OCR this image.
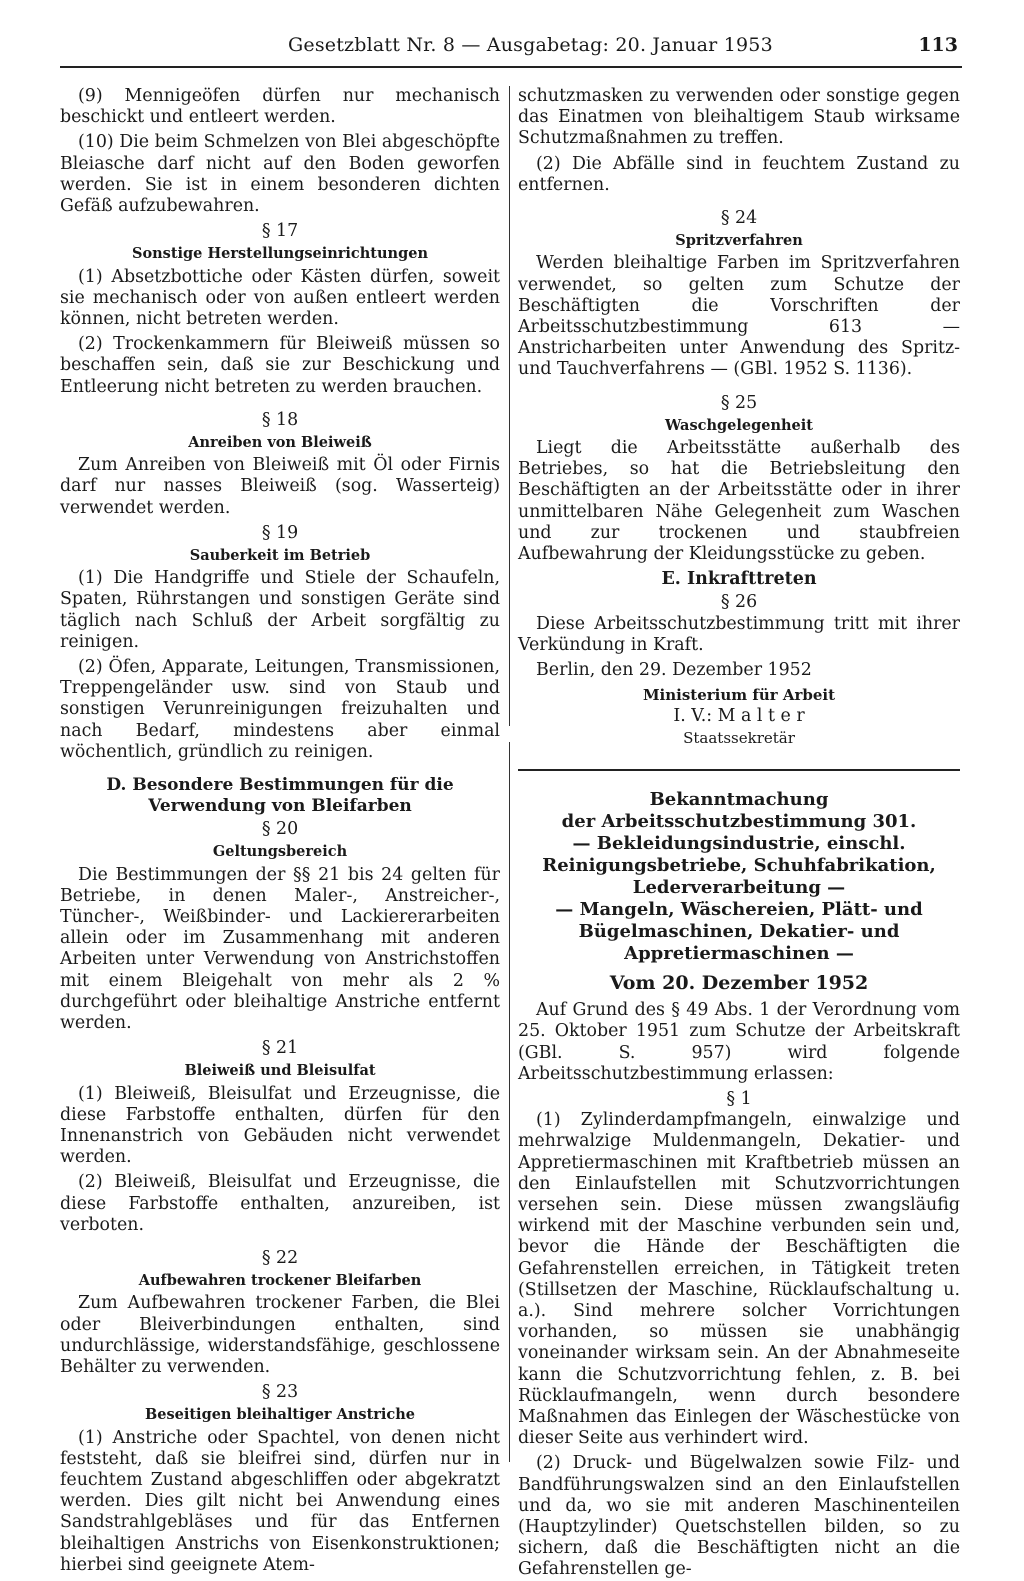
Gesetzblatt Nr. 8 — Ausgabetag: 20. Januar 1953	113

(9) Mennigeöfen dürfen nur mechanisch beschickt und entleert werden.

(10) Die beim Schmelzen von Blei abgeschöpfte Bleiasche darf nicht auf den Boden geworfen werden. Sie ist in einem besonderen dichten Gefäß aufzubewahren.

§ 17
Sonstige Herstellungseinrichtungen

(1) Absetzbottiche oder Kästen dürfen, soweit sie mechanisch oder von außen entleert werden können, nicht betreten werden.

(2) Trockenkammern für Bleiweiß müssen so beschaffen sein, daß sie zur Beschickung und Entleerung nicht betreten zu werden brauchen.

§ 18
Anreiben von Bleiweiß

Zum Anreiben von Bleiweiß mit Öl oder Firnis darf nur nasses Bleiweiß (sog. Wasserteig) verwendet werden.

§ 19
Sauberkeit im Betrieb

(1) Die Handgriffe und Stiele der Schaufeln, Spaten, Rührstangen und sonstigen Geräte sind täglich nach Schluß der Arbeit sorgfältig zu reinigen.

(2) Öfen, Apparate, Leitungen, Transmissionen, Treppengeländer usw. sind von Staub und sonstigen Verunreinigungen freizuhalten und nach Bedarf, mindestens aber einmal wöchentlich, gründlich zu reinigen.

D. Besondere Bestimmungen für die Verwendung von Bleifarben
§ 20
Geltungsbereich

Die Bestimmungen der §§ 21 bis 24 gelten für Betriebe, in denen Maler-, Anstreicher-, Tüncher-, Weißbinder- und Lackiererarbeiten allein oder im Zusammenhang mit anderen Arbeiten unter Verwendung von Anstrichstoffen mit einem Bleigehalt von mehr als 2 % durchgeführt oder bleihaltige Anstriche entfernt werden.

§ 21
Bleiweiß und Bleisulfat

(1) Bleiweiß, Bleisulfat und Erzeugnisse, die diese Farbstoffe enthalten, dürfen für den Innenanstrich von Gebäuden nicht verwendet werden.

(2) Bleiweiß, Bleisulfat und Erzeugnisse, die diese Farbstoffe enthalten, anzureiben, ist verboten.

§ 22
Aufbewahren trockener Bleifarben

Zum Aufbewahren trockener Farben, die Blei oder Bleiverbindungen enthalten, sind undurchlässige, widerstandsfähige, geschlossene Behälter zu verwenden.

§ 23
Beseitigen bleihaltiger Anstriche

(1) Anstriche oder Spachtel, von denen nicht feststeht, daß sie bleifrei sind, dürfen nur in feuchtem Zustand abgeschliffen oder abgekratzt werden. Dies gilt nicht bei Anwendung eines Sandstrahlgebläses und für das Entfernen bleihaltigen Anstrichs von Eisenkonstruktionen; hierbei sind geeignete Atem-

schutzmasken zu verwenden oder sonstige gegen das Einatmen von bleihaltigem Staub wirksame Schutzmaßnahmen zu treffen.

(2) Die Abfälle sind in feuchtem Zustand zu entfernen.

§ 24
Spritzverfahren

Werden bleihaltige Farben im Spritzverfahren verwendet, so gelten zum Schutze der Beschäftigten die Vorschriften der Arbeitsschutzbestimmung 613 — Anstricharbeiten unter Anwendung des Spritz- und Tauchverfahrens — (GBl. 1952 S. 1136).

§ 25
Waschgelegenheit

Liegt die Arbeitsstätte außerhalb des Betriebes, so hat die Betriebsleitung den Beschäftigten an der Arbeitsstätte oder in ihrer unmittelbaren Nähe Gelegenheit zum Waschen und zur trockenen und staubfreien Aufbewahrung der Kleidungsstücke zu geben.

E. Inkrafttreten
§ 26

Diese Arbeitsschutzbestimmung tritt mit ihrer Verkündung in Kraft.

Berlin, den 29. Dezember 1952

Ministerium für Arbeit
I. V.: M a l t e r
Staatssekretär
Bekanntmachung
der Arbeitsschutzbestimmung 301.
— Bekleidungsindustrie, einschl. Reinigungsbetriebe, Schuhfabrikation, Lederverarbeitung —
— Mangeln, Wäschereien, Plätt- und Bügelmaschinen, Dekatier- und Appretiermaschinen —
Vom 20. Dezember 1952

Auf Grund des § 49 Abs. 1 der Verordnung vom 25. Oktober 1951 zum Schutze der Arbeitskraft (GBl. S. 957) wird folgende Arbeitsschutzbestimmung erlassen:

§ 1

(1) Zylinderdampfmangeln, einwalzige und mehrwalzige Muldenmangeln, Dekatier- und Appretiermaschinen mit Kraftbetrieb müssen an den Einlaufstellen mit Schutzvorrichtungen versehen sein. Diese müssen zwangsläufig wirkend mit der Maschine verbunden sein und, bevor die Hände der Beschäftigten die Gefahrenstellen erreichen, in Tätigkeit treten (Stillsetzen der Maschine, Rücklaufschaltung u. a.). Sind mehrere solcher Vorrichtungen vorhanden, so müssen sie unabhängig voneinander wirksam sein. An der Abnahmeseite kann die Schutzvorrichtung fehlen, z. B. bei Rücklaufmangeln, wenn durch besondere Maßnahmen das Einlegen der Wäschestücke von dieser Seite aus verhindert wird.

(2) Druck- und Bügelwalzen sowie Filz- und Bandführungswalzen sind an den Einlaufstellen und da, wo sie mit anderen Maschinenteilen (Hauptzylinder) Quetschstellen bilden, so zu sichern, daß die Beschäftigten nicht an die Gefahrenstellen ge-
